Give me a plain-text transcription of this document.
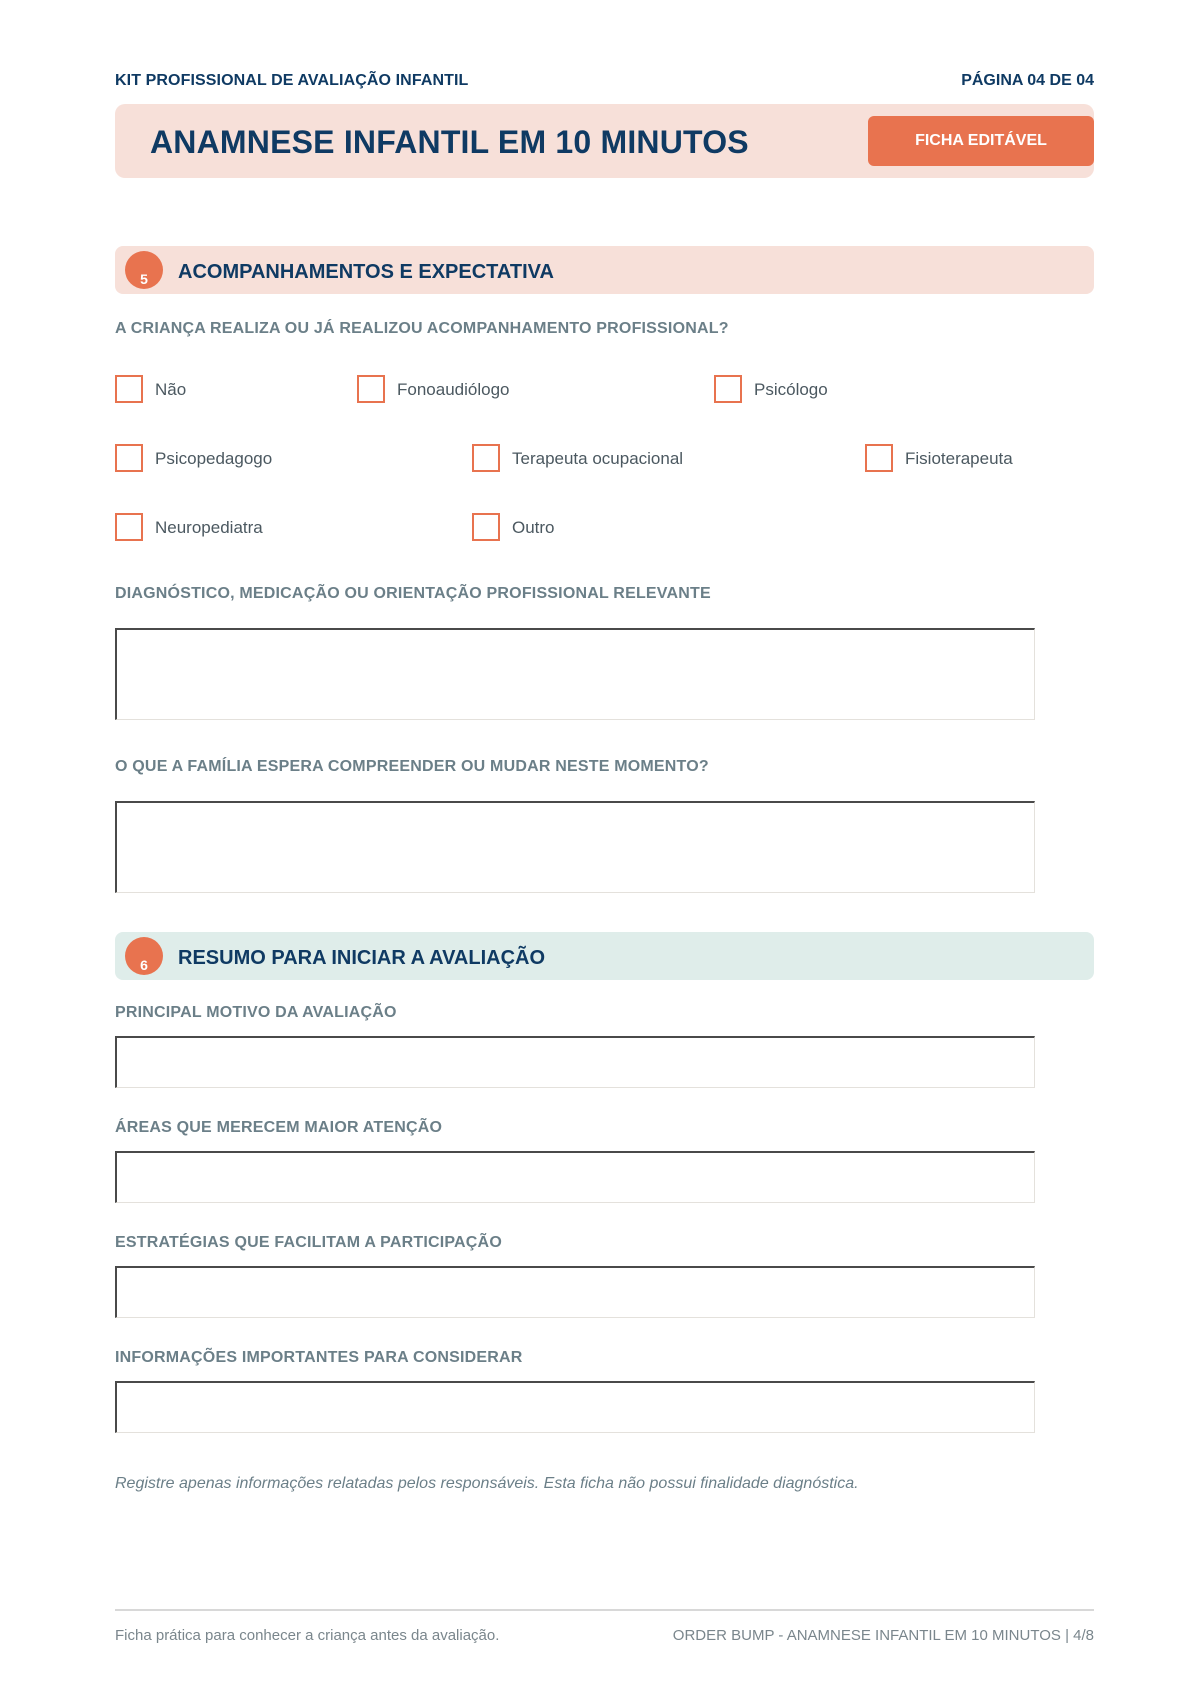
KIT PROFISSIONAL DE AVALIAÇÃO INFANTIL	PÁGINA 04 DE 04
ANAMNESE INFANTIL EM 10 MINUTOS	FICHA EDITÁVEL
5	ACOMPANHAMENTOS E EXPECTATIVA
A CRIANÇA REALIZA OU JÁ REALIZOU ACOMPANHAMENTO PROFISSIONAL?
Não	Fonoaudiólogo	Psicólogo
Psicopedagogo	Terapeuta ocupacional	Fisioterapeuta
Neuropediatra	Outro
DIAGNÓSTICO, MEDICAÇÃO OU ORIENTAÇÃO PROFISSIONAL RELEVANTE
O QUE A FAMÍLIA ESPERA COMPREENDER OU MUDAR NESTE MOMENTO?
6	RESUMO PARA INICIAR A AVALIAÇÃO
PRINCIPAL MOTIVO DA AVALIAÇÃO
ÁREAS QUE MERECEM MAIOR ATENÇÃO
ESTRATÉGIAS QUE FACILITAM A PARTICIPAÇÃO
INFORMAÇÕES IMPORTANTES PARA CONSIDERAR
Registre apenas informações relatadas pelos responsáveis. Esta ficha não possui finalidade diagnóstica.
Ficha prática para conhecer a criança antes da avaliação.	ORDER BUMP - ANAMNESE INFANTIL EM 10 MINUTOS | 4/8
